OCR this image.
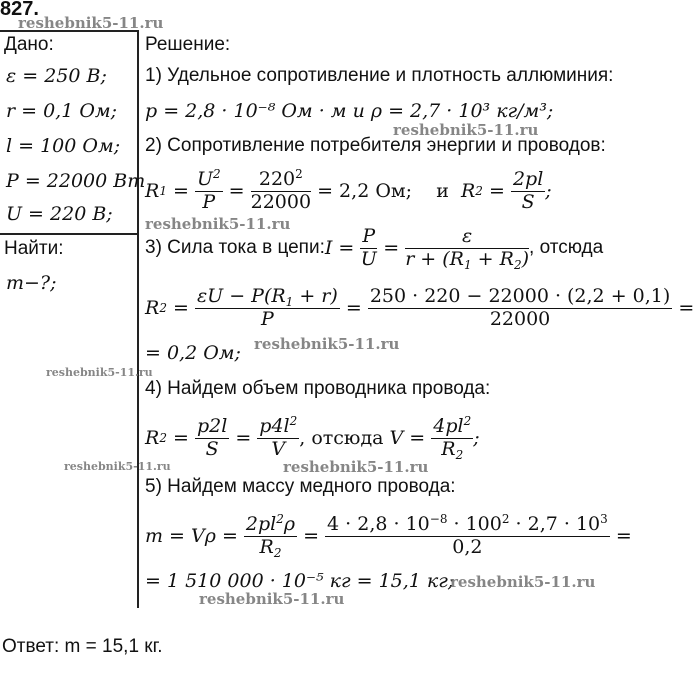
827.
Дано:
ε = 250 В;
r = 0,1 Ом;
l = 100 Ом;
P = 22000 Вт
U = 220 В;
Найти:
m−?;
Решение:
1) Удельное сопротивление и плотность аллюминия:
p = 2,8 · 10⁻⁸ Ом · м и ρ = 2,7 · 10³ кг/м³;
2) Сопротивление потребителя энергии и проводов:
R $1 = \frac{U^2}{P} = \frac{220^2}{22000} = 2,2$ Ом;    и R $2 = \frac{2pl}{S}$ ;
3) Сила тока в цепи: $I = \frac{P}{U} = \frac{\varepsilon}{r + (R_1 + R_2)}$ , отсюда
R $2 = \frac{\varepsilon U - P(R_1 + r)}{P} = \frac{250 \cdot 220 - 22000 \cdot (2,2 + 0,1)}{22000}$ =
= 0,2 Ом;
4) Найдем объем проводника провода:
R $2 = \frac{p2l}{S} = \frac{p4l^2}{V}$ , отсюда $V = \frac{4pl^2}{R_2}$ ;
5) Найдем массу медного провода:
$m = V\rho = \frac{2pl^2\rho}{R_2} = \frac{4 \cdot 2,8 \cdot 10^{-8} \cdot 100^2 \cdot 2,7 \cdot 10^3}{0,2}$ =
= 1 510 000 · 10⁻⁵ кг = 15,1 кг;
Ответ: m = 15,1 кг.
reshebnik5-11.ru
reshebnik5-11.ru
reshebnik5-11.ru
reshebnik5-11.ru
reshebnik5-11.ru
reshebnik5-11.ru	reshebnik5-11.ru
reshebnik5-11.ru
reshebnik5-11.ru
